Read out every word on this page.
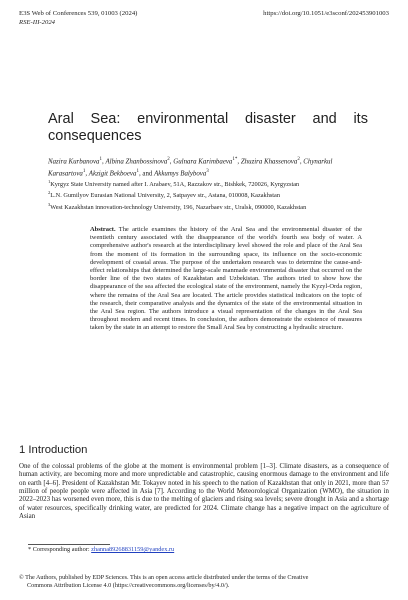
E3S Web of Conferences 539, 01003 (2024)	https://doi.org/10.1051/e3sconf/202453901003
RSE-III-2024
Aral Sea: environmental disaster and its
consequences
Nazira Kurbanova$^1$, Albina Zhanbossinova$^2$, Gulnara Karimbaeva$^{1*}$, Zhuzira Khassenova$^2$, Chynarkul Karasartova$^1$, Akzigit Bekboeva$^1$, and Akkumys Balybova$^3$
$^1$Kyrgyz State University named after I. Arabaev, 51A, Razzakov str., Bishkek, 720026, Kyrgyzstan
$^2$L.N. Gumilyov Eurasian National University, 2, Satpayev str., Astana, 010008, Kazakhstan
$^3$West Kazakhstan innovation-technology University, 196, Nazarbaev str., Uralsk, 090000, Kazakhstan
Abstract. The article examines the history of the Aral Sea and the environmental disaster of the twentieth century associated with the disappearance of the world's fourth sea body of water. A comprehensive author's research at the interdisciplinary level showed the role and place of the Aral Sea from the moment of its formation in the surrounding space, its influence on the socio-economic development of coastal areas. The purpose of the undertaken research was to determine the cause-and-effect relationships that determined the large-scale manmade environmental disaster that occurred on the border line of the two states of Kazakhstan and Uzbekistan. The authors tried to show how the disappearance of the sea affected the ecological state of the environment, namely the Kyzyl-Orda region, where the remains of the Aral Sea are located. The article provides statistical indicators on the topic of the research, their comparative analysis and the dynamics of the state of the environmental situation in the Aral Sea region. The authors introduce a visual representation of the changes in the Aral Sea throughout modern and recent times. In conclusion, the authors demonstrate the existence of measures taken by the state in an attempt to restore the Small Aral Sea by constructing a hydraulic structure.
1 Introduction
One of the colossal problems of the globe at the moment is environmental problem [1–3]. Climate disasters, as a consequence of human activity, are becoming more and more unpredictable and catastrophic, causing enormous damage to the environment and life on earth [4–6]. President of Kazakhstan Mr. Tokayev noted in his speech to the nation of Kazakhstan that only in 2021, more than 57 million of people people were affected in Asia [7]. According to the World Meteorological Organization (WMO), the situation in 2022–2023 has worsened even more, this is due to the melting of glaciers and rising sea levels; severe drought in Asia and a shortage of water resources, specifically drinking water, are predicted for 2024. Climate change has a negative impact on the agriculture of Asian
* Corresponding author: zhanna8926883115​9@yandex.ru
© The Authors, published by EDP Sciences. This is an open access article distributed under the terms of the Creative
Commons Attribution License 4.0 (https://creativecommons.org/licenses/by/4.0/).
